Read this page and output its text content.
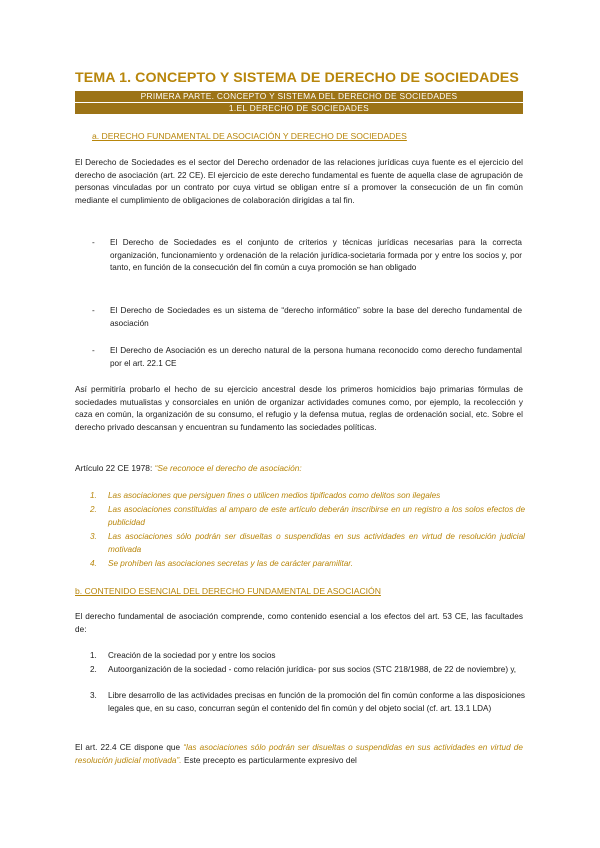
TEMA 1. CONCEPTO Y SISTEMA DE DERECHO DE SOCIEDADES
PRIMERA PARTE. CONCEPTO Y SISTEMA DEL DERECHO DE SOCIEDADES
1.EL DERECHO DE SOCIEDADES
a. DERECHO FUNDAMENTAL DE ASOCIACIÓN Y DERECHO DE SOCIEDADES
El Derecho de Sociedades es el sector del Derecho ordenador de las relaciones jurídicas cuya fuente es el ejercicio del derecho de asociación (art. 22 CE). El ejercicio de este derecho fundamental es fuente de aquella clase de agrupación de personas vinculadas por un contrato por cuya virtud se obligan entre sí a promover la consecución de un fin común mediante el cumplimiento de obligaciones de colaboración dirigidas a tal fin.
- El Derecho de Sociedades es el conjunto de criterios y técnicas jurídicas necesarias para la correcta organización, funcionamiento y ordenación de la relación jurídica-societaria formada por y entre los socios y, por tanto, en función de la consecución del fin común a cuya promoción se han obligado
- El Derecho de Sociedades es un sistema de “derecho informático” sobre la base del derecho fundamental de asociación
- El Derecho de Asociación es un derecho natural de la persona humana reconocido como derecho fundamental por el art. 22.1 CE
Así permitiría probarlo el hecho de su ejercicio ancestral desde los primeros homicidios bajo primarias fórmulas de sociedades mutualistas y consorciales en unión de organizar actividades comunes como, por ejemplo, la recolección y caza en común, la organización de su consumo, el refugio y la defensa mutua, reglas de ordenación social, etc. Sobre el derecho privado descansan y encuentran su fundamento las sociedades políticas.
Artículo 22 CE 1978: “Se reconoce el derecho de asociación:
1. Las asociaciones que persiguen fines o utilicen medios tipificados como delitos son ilegales
2. Las asociaciones constituidas al amparo de este artículo deberán inscribirse en un registro a los solos efectos de publicidad
3. Las asociaciones sólo podrán ser disueltas o suspendidas en sus actividades en virtud de resolución judicial motivada
4. Se prohíben las asociaciones secretas y las de carácter paramilitar.
b. CONTENIDO ESENCIAL DEL DERECHO FUNDAMENTAL DE ASOCIACIÓN
El derecho fundamental de asociación comprende, como contenido esencial a los efectos del art. 53 CE, las facultades de:
1. Creación de la sociedad por y entre los socios
2. Autoorganización de la sociedad - como relación jurídica- por sus socios (STC 218/1988, de 22 de noviembre) y,
3. Libre desarrollo de las actividades precisas en función de la promoción del fin común conforme a las disposiciones legales que, en su caso, concurran según el contenido del fin común y del objeto social (cf. art. 13.1 LDA)
El art. 22.4 CE dispone que “las asociaciones sólo podrán ser disueltas o suspendidas en sus actividades en virtud de resolución judicial motivada”. Este precepto es particularmente expresivo del
